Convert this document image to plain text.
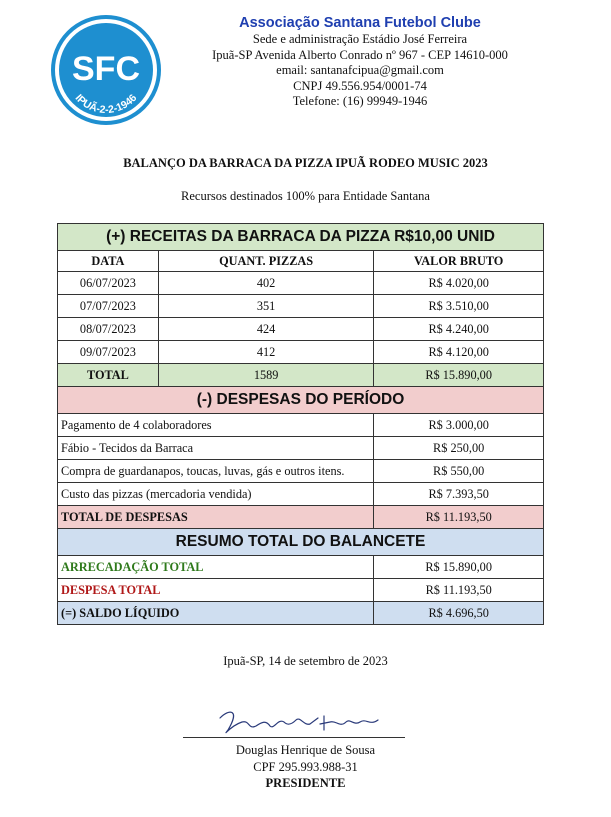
SFC
IPUÃ-2-2-1946
Associação Santana Futebol Clube
Sede e administração Estádio José Ferreira
Ipuã-SP Avenida Alberto Conrado nº 967 - CEP 14610-000
email: santanafcipua@gmail.com
CNPJ 49.556.954/0001-74
Telefone: (16) 99949-1946
BALANÇO DA BARRACA DA PIZZA IPUÃ RODEO MUSIC 2023
Recursos destinados 100% para Entidade Santana
(+) RECEITAS DA BARRACA DA PIZZA R$10,00 UNID		
DATA	QUANT. PIZZAS	VALOR BRUTO
06/07/2023	402	R$ 4.020,00
07/07/2023	351	R$ 3.510,00
08/07/2023	424	R$ 4.240,00
09/07/2023	412	R$ 4.120,00
TOTAL	1589	R$ 15.890,00
(-) DESPESAS DO PERÍODO		
Pagamento de 4 colaboradores		R$ 3.000,00
Fábio - Tecidos da Barraca		R$ 250,00
Compra de guardanapos, toucas, luvas, gás e outros itens.		R$ 550,00
Custo das pizzas (mercadoria vendida)		R$ 7.393,50
TOTAL DE DESPESAS		R$ 11.193,50
RESUMO TOTAL DO BALANCETE		
ARRECADAÇÃO TOTAL		R$ 15.890,00
DESPESA TOTAL		R$ 11.193,50
(=) SALDO LÍQUIDO		R$ 4.696,50
Ipuã-SP, 14 de setembro de 2023
Douglas Henrique de Sousa
CPF 295.993.988-31
PRESIDENTE
